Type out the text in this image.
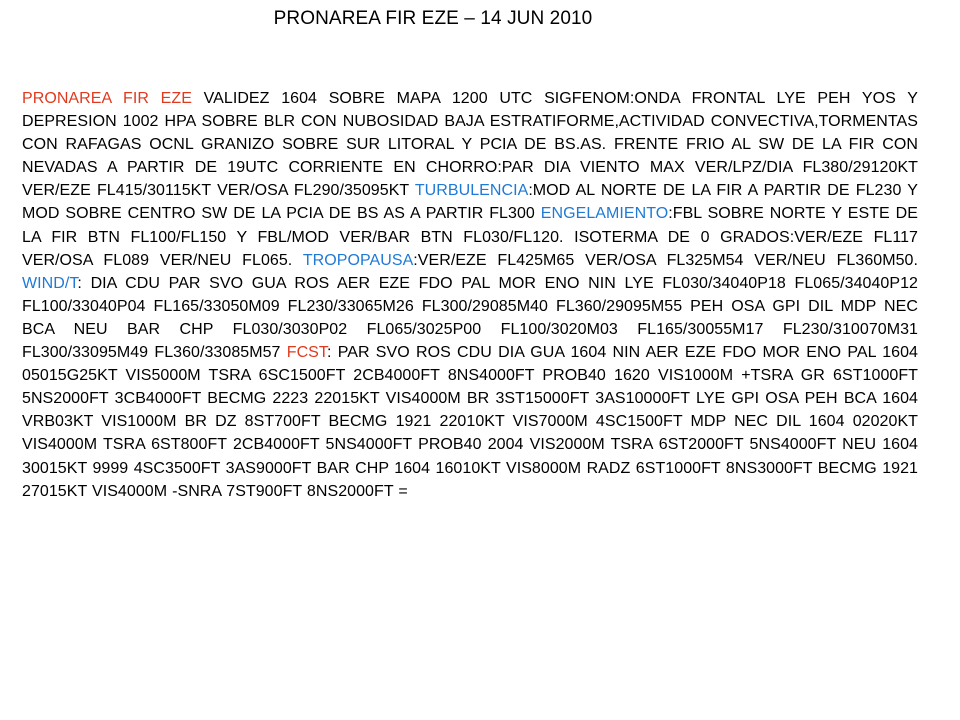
PRONAREA FIR EZE – 14 JUN 2010
PRONAREA FIR EZE VALIDEZ 1604 SOBRE MAPA 1200 UTC SIGFENOM:ONDA FRONTAL LYE PEH YOS Y DEPRESION 1002 HPA SOBRE BLR CON NUBOSIDAD BAJA ESTRATIFORME,ACTIVIDAD CONVECTIVA,TORMENTAS CON RAFAGAS OCNL GRANIZO SOBRE SUR LITORAL Y PCIA DE BS.AS. FRENTE FRIO AL SW DE LA FIR CON NEVADAS A PARTIR DE 19UTC CORRIENTE EN CHORRO:PAR DIA VIENTO MAX VER/LPZ/DIA FL380/29120KT VER/EZE FL415/30115KT VER/OSA FL290/35095KT TURBULENCIA:MOD AL NORTE DE LA FIR A PARTIR DE FL230 Y MOD SOBRE CENTRO SW DE LA PCIA DE BS AS A PARTIR FL300 ENGELAMIENTO:FBL SOBRE NORTE Y ESTE DE LA FIR BTN FL100/FL150 Y FBL/MOD VER/BAR BTN FL030/FL120. ISOTERMA DE 0 GRADOS:VER/EZE FL117 VER/OSA FL089 VER/NEU FL065. TROPOPAUSA:VER/EZE FL425M65 VER/OSA FL325M54 VER/NEU FL360M50. WIND/T: DIA CDU PAR SVO GUA ROS AER EZE FDO PAL MOR ENO NIN LYE FL030/34040P18 FL065/34040P12 FL100/33040P04 FL165/33050M09 FL230/33065M26 FL300/29085M40 FL360/29095M55 PEH OSA GPI DIL MDP NEC BCA NEU BAR CHP FL030/3030P02 FL065/3025P00 FL100/3020M03 FL165/30055M17 FL230/310070M31 FL300/33095M49 FL360/33085M57 FCST: PAR SVO ROS CDU DIA GUA 1604 NIN AER EZE FDO MOR ENO PAL 1604 05015G25KT VIS5000M TSRA 6SC1500FT 2CB4000FT 8NS4000FT PROB40 1620 VIS1000M +TSRA GR 6ST1000FT 5NS2000FT 3CB4000FT BECMG 2223 22015KT VIS4000M BR 3ST15000FT 3AS10000FT LYE GPI OSA PEH BCA 1604 VRB03KT VIS1000M BR DZ 8ST700FT BECMG 1921 22010KT VIS7000M 4SC1500FT MDP NEC DIL 1604 02020KT VIS4000M TSRA 6ST800FT 2CB4000FT 5NS4000FT PROB40 2004 VIS2000M TSRA 6ST2000FT 5NS4000FT NEU 1604 30015KT 9999 4SC3500FT 3AS9000FT BAR CHP 1604 16010KT VIS8000M RADZ 6ST1000FT 8NS3000FT BECMG 1921 27015KT VIS4000M -SNRA 7ST900FT 8NS2000FT =
